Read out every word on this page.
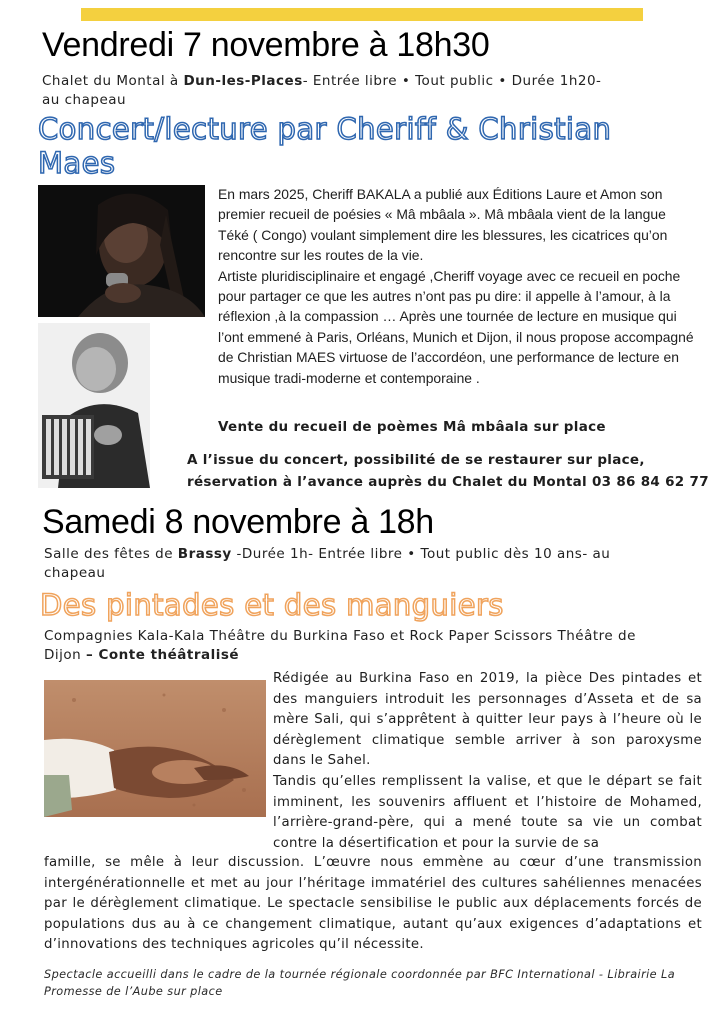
Vendredi 7 novembre à 18h30
Chalet du Montal à Dun-les-Places- Entrée libre • Tout public • Durée 1h20-
au chapeau
Concert/lecture par Cheriff & Christian
Maes

En mars 2025, Cheriff BAKALA a publié aux Éditions Laure et Amon son premier recueil de poésies « Mâ mbâala ». Mâ mbâala vient de la langue Téké ( Congo) voulant simplement dire les blessures, les cicatrices qu’on rencontre sur les routes de la vie.

Artiste pluridisciplinaire et engagé ,Cheriff voyage avec ce recueil en poche pour partager ce que les autres n’ont pas pu dire: il appelle à l’amour, à la réflexion ,à la compassion … Après une tournée de lecture en musique qui l’ont emmené à Paris, Orléans, Munich et Dijon, il nous propose accompagné de Christian MAES virtuose de l’accordéon, une performance de lecture en musique tradi-moderne et contemporaine .

Vente du recueil de poèmes Mâ mbâala sur place
A l’issue du concert, possibilité de se restaurer sur place,
réservation à l’avance auprès du Chalet du Montal 03 86 84 62 77
Samedi 8 novembre à 18h
Salle des fêtes de Brassy -Durée 1h- Entrée libre • Tout public dès 10 ans- au
chapeau
Des pintades et des manguiers
Compagnies Kala-Kala Théâtre du Burkina Faso et Rock Paper Scissors Théâtre de
Dijon – Conte théâtralisé

Rédigée au Burkina Faso en 2019, la pièce Des pintades et des manguiers introduit les personnages d’Asseta et de sa mère Sali, qui s’apprêtent à quitter leur pays à l’heure où le dérèglement climatique semble arriver à son paroxysme dans le Sahel.

Tandis qu’elles remplissent la valise, et que le départ se fait imminent, les souvenirs affluent et l’histoire de Mohamed, l’arrière-grand-père, qui a mené toute sa vie un combat contre la désertification et pour la survie de sa

famille, se mêle à leur discussion. L’œuvre nous emmène au cœur d’une transmission intergénérationnelle et met au jour l’héritage immatériel des cultures sahéliennes menacées par le dérèglement climatique. Le spectacle sensibilise le public aux déplacements forcés de populations dus au à ce changement climatique, autant qu’aux exigences d’adaptations et d’innovations des techniques agricoles qu’il nécessite.
Spectacle accueilli dans le cadre de la tournée régionale coordonnée par BFC International - Librairie La Promesse de l’Aube sur place
